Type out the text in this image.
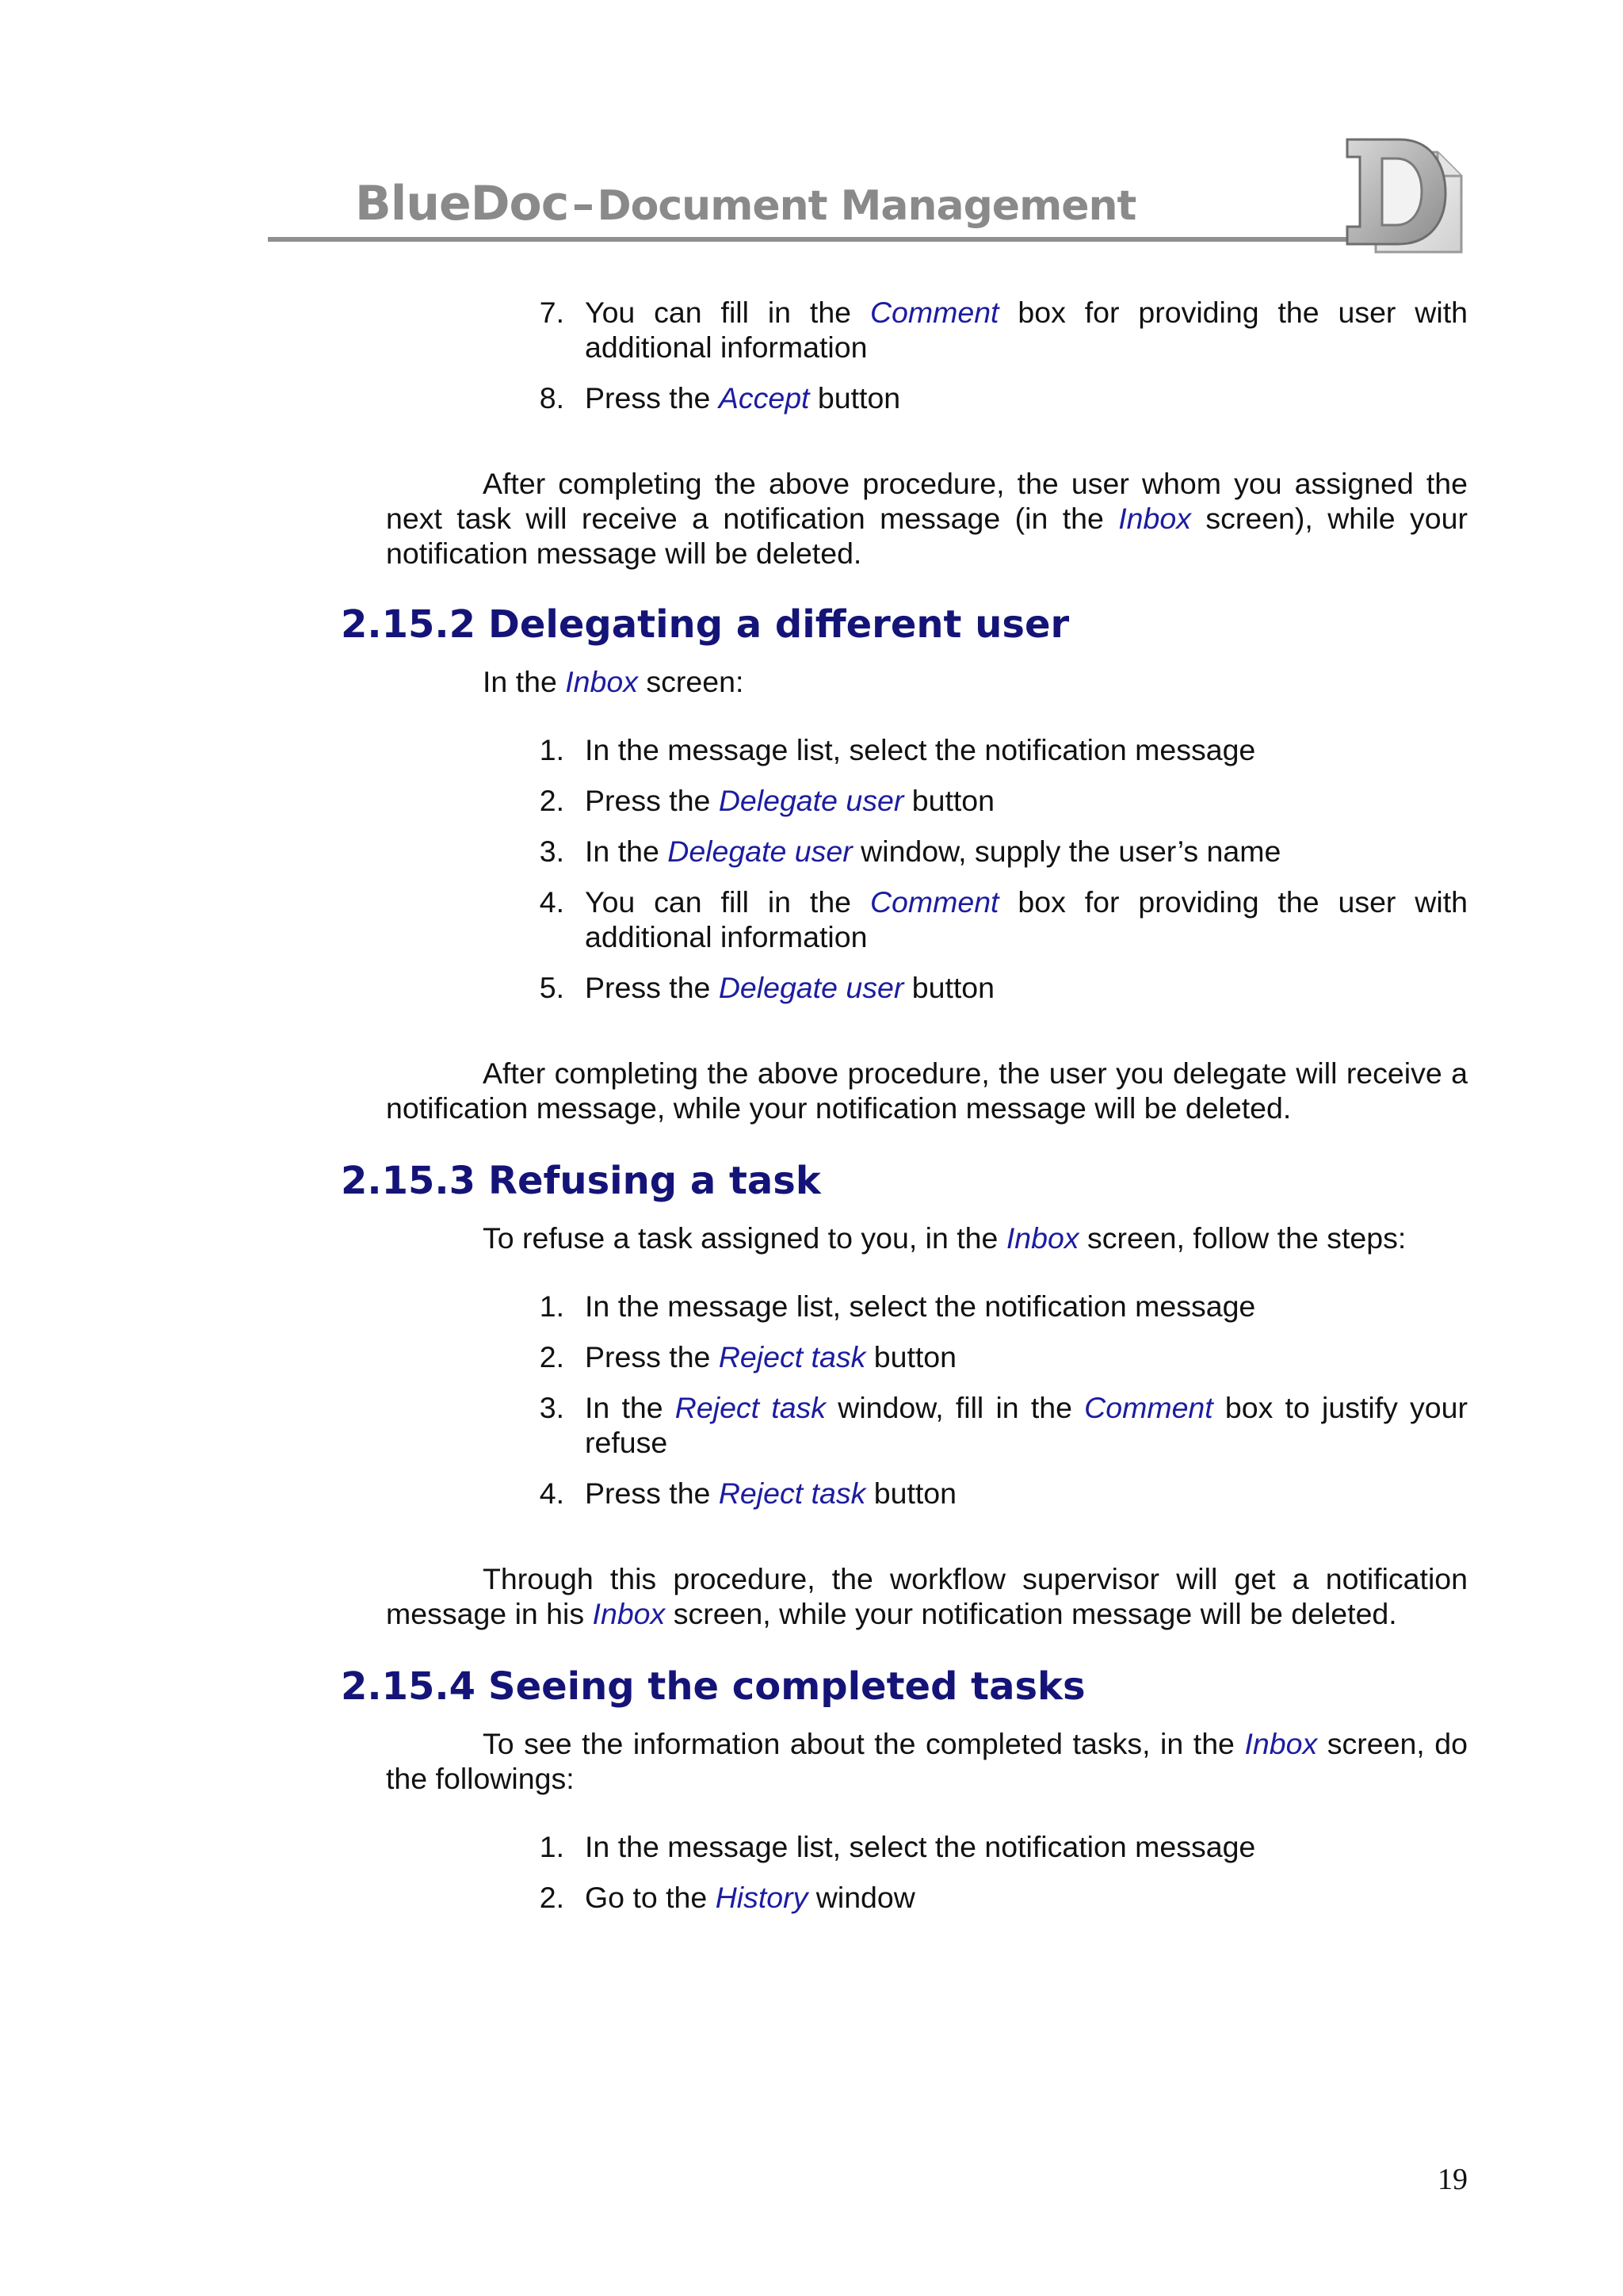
BlueDoc – Document Management
7. You can fill in the Comment box for providing the user with additional information
8. Press the Accept button
After completing the above procedure, the user whom you assigned the next task will receive a notification message (in the Inbox screen), while your notification message will be deleted.
2.15.2 Delegating a different user
In the Inbox screen:
1. In the message list, select the notification message
2. Press the Delegate user button
3. In the Delegate user window, supply the user’s name
4. You can fill in the Comment box for providing the user with additional information
5. Press the Delegate user button
After completing the above procedure, the user you delegate will receive a notification message, while your notification message will be deleted.
2.15.3 Refusing a task
To refuse a task assigned to you, in the Inbox screen, follow the steps:
1. In the message list, select the notification message
2. Press the Reject task button
3. In the Reject task window, fill in the Comment box to justify your refuse
4. Press the Reject task button
Through this procedure, the workflow supervisor will get a notification message in his Inbox screen, while your notification message will be deleted.
2.15.4 Seeing the completed tasks
To see the information about the completed tasks, in the Inbox screen, do the followings:
1. In the message list, select the notification message
2. Go to the History window
19
